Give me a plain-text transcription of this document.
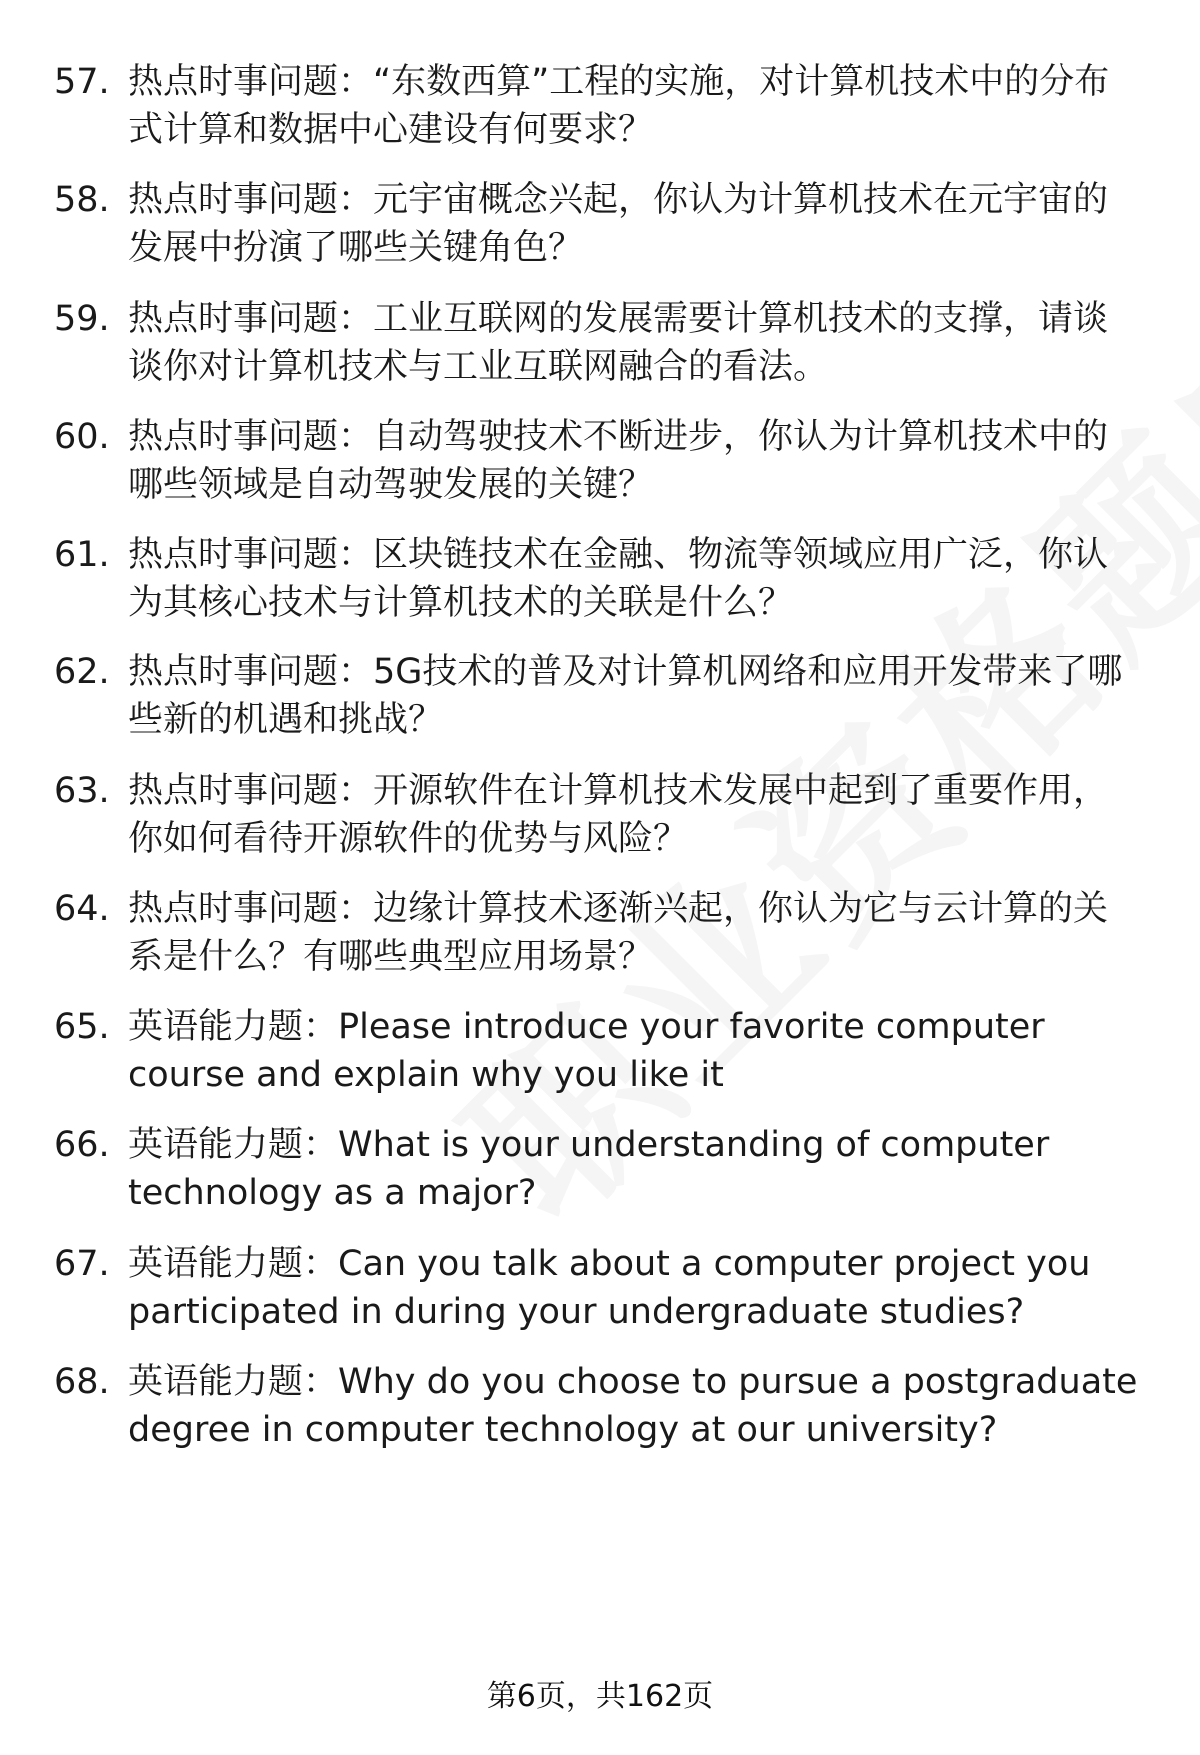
57. 热点时事问题：“东数西算”工程的实施，对计算机技术中的分布式计算和数据中心建设有何要求？
58. 热点时事问题：元宇宙概念兴起，你认为计算机技术在元宇宙的发展中扮演了哪些关键角色？
59. 热点时事问题：工业互联网的发展需要计算机技术的支撑，请谈谈你对计算机技术与工业互联网融合的看法。
60. 热点时事问题：自动驾驶技术不断进步，你认为计算机技术中的哪些领域是自动驾驶发展的关键？
61. 热点时事问题：区块链技术在金融、物流等领域应用广泛，你认为其核心技术与计算机技术的关联是什么？
62. 热点时事问题：5G技术的普及对计算机网络和应用开发带来了哪些新的机遇和挑战？
63. 热点时事问题：开源软件在计算机技术发展中起到了重要作用，你如何看待开源软件的优势与风险？
64. 热点时事问题：边缘计算技术逐渐兴起，你认为它与云计算的关系是什么？有哪些典型应用场景？
65. 英语能力题：Please introduce your favorite computer course and explain why you like it
66. 英语能力题：What is your understanding of computer technology as a major?
67. 英语能力题：Can you talk about a computer project you participated in during your undergraduate studies?
68. 英语能力题：Why do you choose to pursue a postgraduate degree in computer technology at our university?
第6页，共162页
